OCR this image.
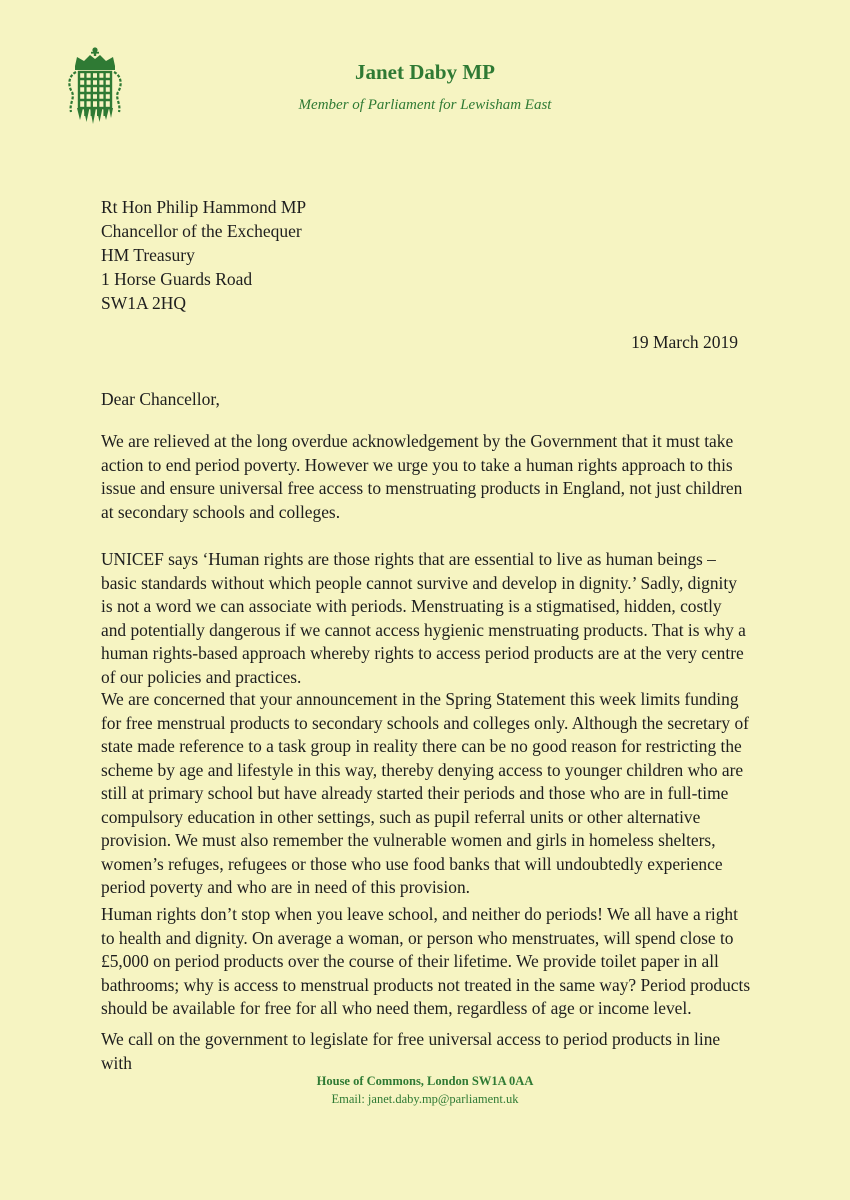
Janet Daby MP

Member of Parliament for Lewisham East

Rt Hon Philip Hammond MP
Chancellor of the Exchequer
HM Treasury
1 Horse Guards Road
SW1A 2HQ
19 March 2019
Dear Chancellor,

We are relieved at the long overdue acknowledgement by the Government that it must take action to end period poverty. However we urge you to take a human rights approach to this issue and ensure universal free access to menstruating products in England, not just children at secondary schools and colleges.

UNICEF says ‘Human rights are those rights that are essential to live as human beings – basic standards without which people cannot survive and develop in dignity.’ Sadly, dignity is not a word we can associate with periods. Menstruating is a stigmatised, hidden, costly and potentially dangerous if we cannot access hygienic menstruating products. That is why a human rights-based approach whereby rights to access period products are at the very centre of our policies and practices.

We are concerned that your announcement in the Spring Statement this week limits funding for free menstrual products to secondary schools and colleges only. Although the secretary of state made reference to a task group in reality there can be no good reason for restricting the scheme by age and lifestyle in this way, thereby denying access to younger children who are still at primary school but have already started their periods and those who are in full-time compulsory education in other settings, such as pupil referral units or other alternative provision. We must also remember the vulnerable women and girls in homeless shelters, women’s refuges, refugees or those who use food banks that will undoubtedly experience period poverty and who are in need of this provision.

Human rights don’t stop when you leave school, and neither do periods! We all have a right to health and dignity. On average a woman, or person who menstruates, will spend close to £5,000 on period products over the course of their lifetime. We provide toilet paper in all bathrooms; why is access to menstrual products not treated in the same way? Period products should be available for free for all who need them, regardless of age or income level.

We call on the government to legislate for free universal access to period products in line with

House of Commons, London SW1A 0AA
Email: janet.daby.mp@parliament.uk
